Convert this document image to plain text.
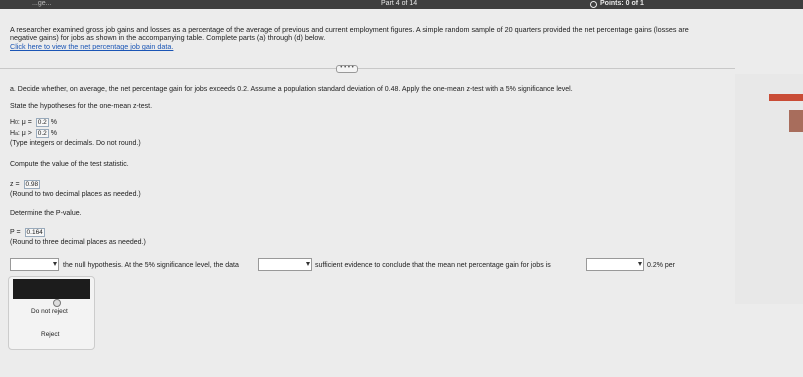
...ge...	Part 4 of 14	Points: 0 of 1
A researcher examined gross job gains and losses as a percentage of the average of previous and current employment figures. A simple random sample of 20 quarters provided the net percentage gains (losses are negative gains) for jobs as shown in the accompanying table. Complete parts (a) through (d) below.
Click here to view the net percentage job gain data.
• • • •
a. Decide whether, on average, the net percentage gain for jobs exceeds 0.2. Assume a population standard deviation of 0.48. Apply the one-mean z-test with a 5% significance level.
State the hypotheses for the one-mean z-test.
H0: μ = 0.2 %
Ha: μ > 0.2 %
(Type integers or decimals. Do not round.)
Compute the value of the test statistic.
z = 0.98
(Round to two decimal places as needed.)
Determine the P-value.
P = 0.164
(Round to three decimal places as needed.)
the null hypothesis. At the 5% significance level, the data	sufficient evidence to conclude that the mean net percentage gain for jobs is	0.2% per
Do not reject
Reject
